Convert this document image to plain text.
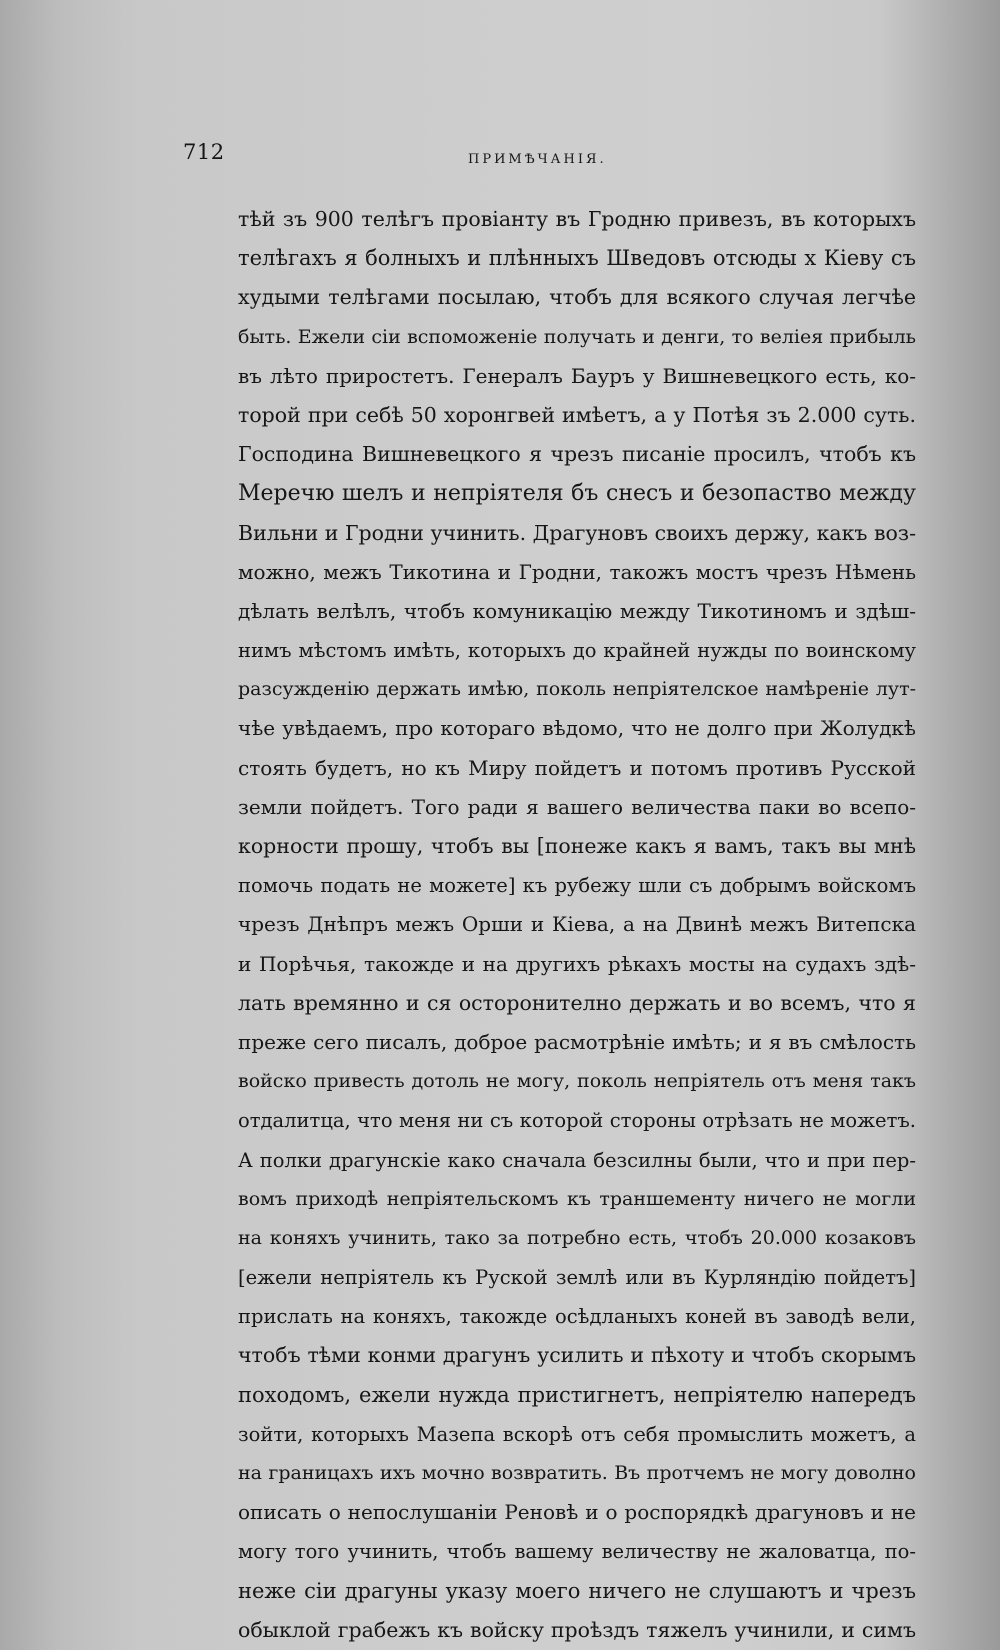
712	ПРИМѢЧАНІЯ.
тѣй зъ 900 телѣгъ провіанту въ Гродню привезъ, въ которыхъ
телѣгахъ я болныхъ и плѣнныхъ Шведовъ отсюды х Кіеву съ
худыми телѣгами посылаю, чтобъ для всякого случая легчѣе
быть. Ежели сіи вспоможеніе получать и денги, то веліея прибыль
въ лѣто приростетъ. Генералъ Бауръ у Вишневецкого есть, ко-
торой при себѣ 50 хоронгвей имѣетъ, а у Потѣя зъ 2.000 суть.
Господина Вишневецкого я чрезъ писаніе просилъ, чтобъ къ
Меречю шелъ и непріятеля бъ снесъ и безопаство между
Вильни и Гродни учинить. Драгуновъ своихъ держу, какъ воз-
можно, межъ Тикотина и Гродни, такожъ мостъ чрезъ Нѣмень
дѣлать велѣлъ, чтобъ комуникацію между Тикотиномъ и здѣш-
нимъ мѣстомъ имѣть, которыхъ до крайней нужды по воинскому
разсужденію держать имѣю, поколь непріятелское намѣреніе лут-
чѣе увѣдаемъ, про котораго вѣдомо, что не долго при Жолудкѣ
стоять будетъ, но къ Миру пойдетъ и потомъ противъ Русской
земли пойдетъ. Того ради я вашего величества паки во всепо-
корности прошу, чтобъ вы [понеже какъ я вамъ, такъ вы мнѣ
помочь подать не можете] къ рубежу шли съ добрымъ войскомъ
чрезъ Днѣпръ межъ Орши и Кіева, а на Двинѣ межъ Витепска
и Порѣчья, такожде и на другихъ рѣкахъ мосты на судахъ здѣ-
лать времянно и ся осторонително держать и во всемъ, что я
преже сего писалъ, доброе расмотрѣніе имѣть; и я въ смѣлость
войско привесть дотоль не могу, поколь непріятель отъ меня такъ
отдалитца, что меня ни съ которой стороны отрѣзать не можетъ.
А полки драгунскіе како сначала безсилны были, что и при пер-
вомъ приходѣ непріятельскомъ къ траншементу ничего не могли
на коняхъ учинить, тако за потребно есть, чтобъ 20.000 козаковъ
[ежели непріятель къ Руской землѣ или въ Курляндію пойдетъ]
прислать на коняхъ, такожде осѣдланыхъ коней въ заводѣ вели,
чтобъ тѣми конми драгунъ усилить и пѣхоту и чтобъ скорымъ
походомъ, ежели нужда пристигнетъ, непріятелю напередъ
зойти, которыхъ Мазепа вскорѣ отъ себя промыслить можетъ, а
на границахъ ихъ мочно возвратить. Въ протчемъ не могу доволно
описать о непослушаніи Реновѣ и о роспорядкѣ драгуновъ и не
могу того учинить, чтобъ вашему величеству не жаловатца, по-
неже сіи драгуны указу моего ничего не слушаютъ и чрезъ
обыклой грабежъ къ войску проѣздъ тяжелъ учинили, и симъ
